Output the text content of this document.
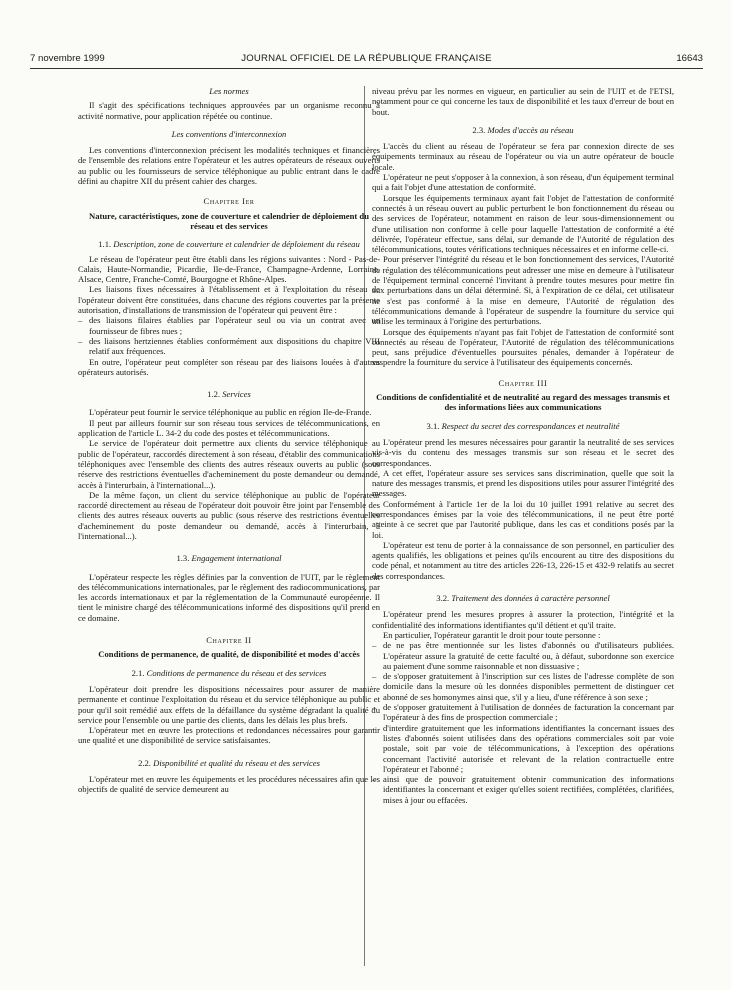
7 novembre 1999	JOURNAL OFFICIEL DE LA RÉPUBLIQUE FRANÇAISE	16643
Les normes

Il s'agit des spécifications techniques approuvées par un organisme reconnu à activité normative, pour application répétée ou continue.

Les conventions d'interconnexion

Les conventions d'interconnexion précisent les modalités techniques et financières de l'ensemble des relations entre l'opérateur et les autres opérateurs de réseaux ouverts au public ou les fournisseurs de service téléphonique au public entrant dans le cadre défini au chapitre XII du présent cahier des charges.

Chapitre Ier
Nature, caractéristiques, zone de couverture et calendrier de déploiement du réseau et des services
1.1. Description, zone de couverture et calendrier de déploiement du réseau

Le réseau de l'opérateur peut être établi dans les régions suivantes : Nord - Pas-de-Calais, Haute-Normandie, Picardie, Ile-de-France, Champagne-Ardenne, Lorraine, Alsace, Centre, Franche-Comté, Bourgogne et Rhône-Alpes.

Les liaisons fixes nécessaires à l'établissement et à l'exploitation du réseau de l'opérateur doivent être constituées, dans chacune des régions couvertes par la présente autorisation, d'installations de transmission de l'opérateur qui peuvent être :

– des liaisons filaires établies par l'opérateur seul ou via un contrat avec un fournisseur de fibres nues ;
– des liaisons hertziennes établies conformément aux dispositions du chapitre VIII relatif aux fréquences.

En outre, l'opérateur peut compléter son réseau par des liaisons louées à d'autres opérateurs autorisés.

1.2. Services

L'opérateur peut fournir le service téléphonique au public en région Ile-de-France.

Il peut par ailleurs fournir sur son réseau tous services de télécommunications, en application de l'article L. 34-2 du code des postes et télécommunications.

Le service de l'opérateur doit permettre aux clients du service téléphonique au public de l'opérateur, raccordés directement à son réseau, d'établir des communications téléphoniques avec l'ensemble des clients des autres réseaux ouverts au public (sous réserve des restrictions éventuelles d'acheminement du poste demandeur ou demandé, accès à l'interurbain, à l'international...).

De la même façon, un client du service téléphonique au public de l'opérateur raccordé directement au réseau de l'opérateur doit pouvoir être joint par l'ensemble des clients des autres réseaux ouverts au public (sous réserve des restrictions éventuelles d'acheminement du poste demandeur ou demandé, accès à l'interurbain, à l'international...).

1.3. Engagement international

L'opérateur respecte les règles définies par la convention de l'UIT, par le règlement des télécommunications internationales, par le règlement des radiocommunications, par les accords internationaux et par la réglementation de la Communauté européenne. Il tient le ministre chargé des télécommunications informé des dispositions qu'il prend en ce domaine.

Chapitre II
Conditions de permanence, de qualité, de disponibilité et modes d'accès
2.1. Conditions de permanence du réseau et des services

L'opérateur doit prendre les dispositions nécessaires pour assurer de manière permanente et continue l'exploitation du réseau et du service téléphonique au public et pour qu'il soit remédié aux effets de la défaillance du système dégradant la qualité du service pour l'ensemble ou une partie des clients, dans les délais les plus brefs.

L'opérateur met en œuvre les protections et redondances nécessaires pour garantir une qualité et une disponibilité de service satisfaisantes.

2.2. Disponibilité et qualité du réseau et des services

L'opérateur met en œuvre les équipements et les procédures nécessaires afin que les objectifs de qualité de service demeurent au

niveau prévu par les normes en vigueur, en particulier au sein de l'UIT et de l'ETSI, notamment pour ce qui concerne les taux de disponibilité et les taux d'erreur de bout en bout.

2.3. Modes d'accès au réseau

L'accès du client au réseau de l'opérateur se fera par connexion directe de ses équipements terminaux au réseau de l'opérateur ou via un autre opérateur de boucle locale.

L'opérateur ne peut s'opposer à la connexion, à son réseau, d'un équipement terminal qui a fait l'objet d'une attestation de conformité.

Lorsque les équipements terminaux ayant fait l'objet de l'attestation de conformité connectés à un réseau ouvert au public perturbent le bon fonctionnement du réseau ou des services de l'opérateur, notamment en raison de leur sous-dimensionnement ou d'une utilisation non conforme à celle pour laquelle l'attestation de conformité a été délivrée, l'opérateur effectue, sans délai, sur demande de l'Autorité de régulation des télécommunications, toutes vérifications techniques nécessaires et en informe celle-ci.

Pour préserver l'intégrité du réseau et le bon fonctionnement des services, l'Autorité de régulation des télécommunications peut adresser une mise en demeure à l'utilisateur de l'équipement terminal concerné l'invitant à prendre toutes mesures pour mettre fin aux perturbations dans un délai déterminé. Si, à l'expiration de ce délai, cet utilisateur ne s'est pas conformé à la mise en demeure, l'Autorité de régulation des télécommunications demande à l'opérateur de suspendre la fourniture du service qui utilise les terminaux à l'origine des perturbations.

Lorsque des équipements n'ayant pas fait l'objet de l'attestation de conformité sont connectés au réseau de l'opérateur, l'Autorité de régulation des télécommunications peut, sans préjudice d'éventuelles poursuites pénales, demander à l'opérateur de suspendre la fourniture du service à l'utilisateur des équipements concernés.

Chapitre III
Conditions de confidentialité et de neutralité au regard des messages transmis et des informations liées aux communications
3.1. Respect du secret des correspondances et neutralité

L'opérateur prend les mesures nécessaires pour garantir la neutralité de ses services vis-à-vis du contenu des messages transmis sur son réseau et le secret des correspondances.

A cet effet, l'opérateur assure ses services sans discrimination, quelle que soit la nature des messages transmis, et prend les dispositions utiles pour assurer l'intégrité des messages.

Conformément à l'article 1er de la loi du 10 juillet 1991 relative au secret des correspondances émises par la voie des télécommunications, il ne peut être porté atteinte à ce secret que par l'autorité publique, dans les cas et conditions posés par la loi.

L'opérateur est tenu de porter à la connaissance de son personnel, en particulier des agents qualifiés, les obligations et peines qu'ils encourent au titre des dispositions du code pénal, et notamment au titre des articles 226-13, 226-15 et 432-9 relatifs au secret des correspondances.

3.2. Traitement des données à caractère personnel

L'opérateur prend les mesures propres à assurer la protection, l'intégrité et la confidentialité des informations identifiantes qu'il détient et qu'il traite.

En particulier, l'opérateur garantit le droit pour toute personne :

– de ne pas être mentionnée sur les listes d'abonnés ou d'utilisateurs publiées. L'opérateur assure la gratuité de cette faculté ou, à défaut, subordonne son exercice au paiement d'une somme raisonnable et non dissuasive ;
– de s'opposer gratuitement à l'inscription sur ces listes de l'adresse complète de son domicile dans la mesure où les données disponibles permettent de distinguer cet abonné de ses homonymes ainsi que, s'il y a lieu, d'une référence à son sexe ;
– de s'opposer gratuitement à l'utilisation de données de facturation la concernant par l'opérateur à des fins de prospection commerciale ;
– d'interdire gratuitement que les informations identifiantes la concernant issues des listes d'abonnés soient utilisées dans des opérations commerciales soit par voie postale, soit par voie de télécommunications, à l'exception des opérations concernant l'activité autorisée et relevant de la relation contractuelle entre l'opérateur et l'abonné ;
– ainsi que de pouvoir gratuitement obtenir communication des informations identifiantes la concernant et exiger qu'elles soient rectifiées, complétées, clarifiées, mises à jour ou effacées.
